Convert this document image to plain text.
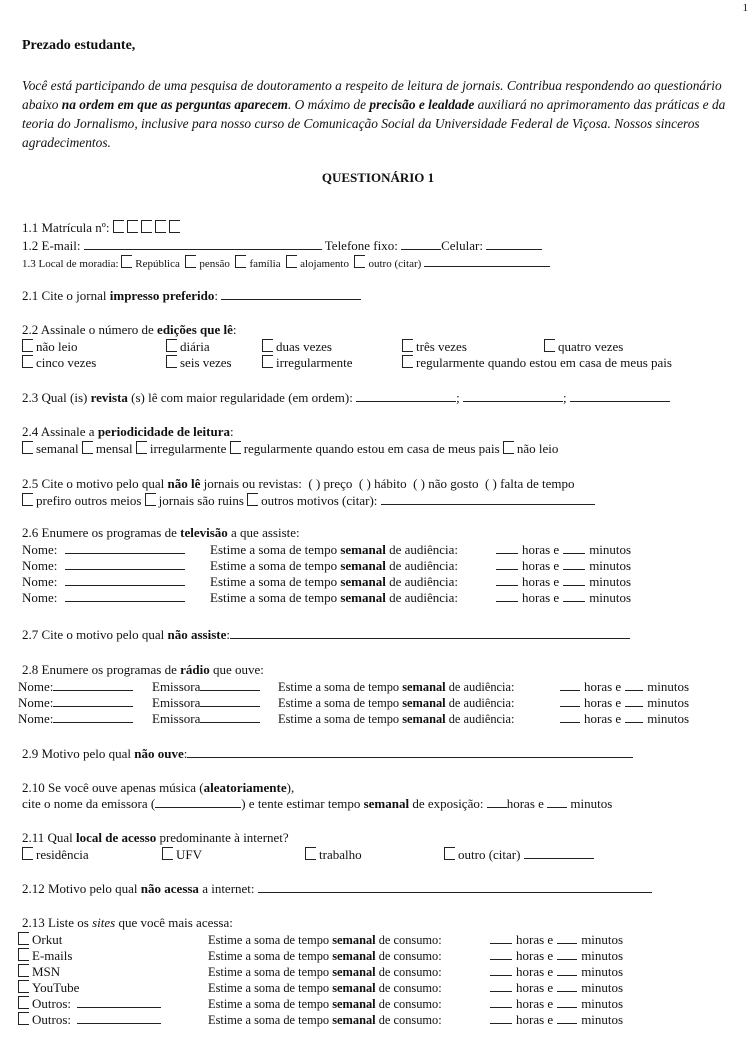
1
Prezado estudante,
Você está participando de uma pesquisa de doutoramento a respeito de leitura de jornais. Contribua respondendo ao questionário abaixo na ordem em que as perguntas aparecem. O máximo de precisão e lealdade auxiliará no aprimoramento das práticas e da teoria do Jornalismo, inclusive para nosso curso de Comunicação Social da Universidade Federal de Viçosa. Nossos sinceros agradecimentos.
QUESTIONÁRIO 1
1.1 Matrícula nº:
1.2 E-mail:	Telefone fixo:	Celular:
1.3 Local de moradia: República pensão família alojamento outro (citar)
2.1 Cite o jornal impresso preferido:
2.2 Assinale o número de edições que lê:
não leio	diária	duas vezes	três vezes	quatro vezes
cinco vezes	seis vezes	irregularmente	regularmente quando estou em casa de meus pais
2.3 Qual (is) revista (s) lê com maior regularidade (em ordem):	;	;
2.4 Assinale a periodicidade de leitura:
semanal mensal irregularmente regularmente quando estou em casa de meus pais não leio
2.5 Cite o motivo pelo qual não lê jornais ou revistas:  ( ) preço  ( ) hábito  ( ) não gosto  ( ) falta de tempo
prefiro outros meios jornais são ruins outros motivos (citar):
2.6 Enumere os programas de televisão a que assiste:
Nome:	Estime a soma de tempo semanal de audiência:	horas e minutos
Nome:	Estime a soma de tempo semanal de audiência:	horas e minutos
Nome:	Estime a soma de tempo semanal de audiência:	horas e minutos
Nome:	Estime a soma de tempo semanal de audiência:	horas e minutos
2.7 Cite o motivo pelo qual não assiste:
2.8 Enumere os programas de rádio que ouve:
Nome:	Emissora	Estime a soma de tempo semanal de audiência:	horas e minutos
Nome:	Emissora	Estime a soma de tempo semanal de audiência:	horas e minutos
Nome:	Emissora	Estime a soma de tempo semanal de audiência:	horas e minutos
2.9 Motivo pelo qual não ouve:
2.10 Se você ouve apenas música (aleatoriamente),
cite o nome da emissora (	) e tente estimar tempo semanal de exposição: horas e minutos
2.11 Qual local de acesso predominante à internet?
residência	UFV	trabalho	outro (citar)
2.12 Motivo pelo qual não acessa a internet:
2.13 Liste os sites que você mais acessa:
Orkut	Estime a soma de tempo semanal de consumo:	horas e minutos
E-mails	Estime a soma de tempo semanal de consumo:	horas e minutos
MSN	Estime a soma de tempo semanal de consumo:	horas e minutos
YouTube	Estime a soma de tempo semanal de consumo:	horas e minutos
Outros:	Estime a soma de tempo semanal de consumo:	horas e minutos
Outros:	Estime a soma de tempo semanal de consumo:	horas e minutos
